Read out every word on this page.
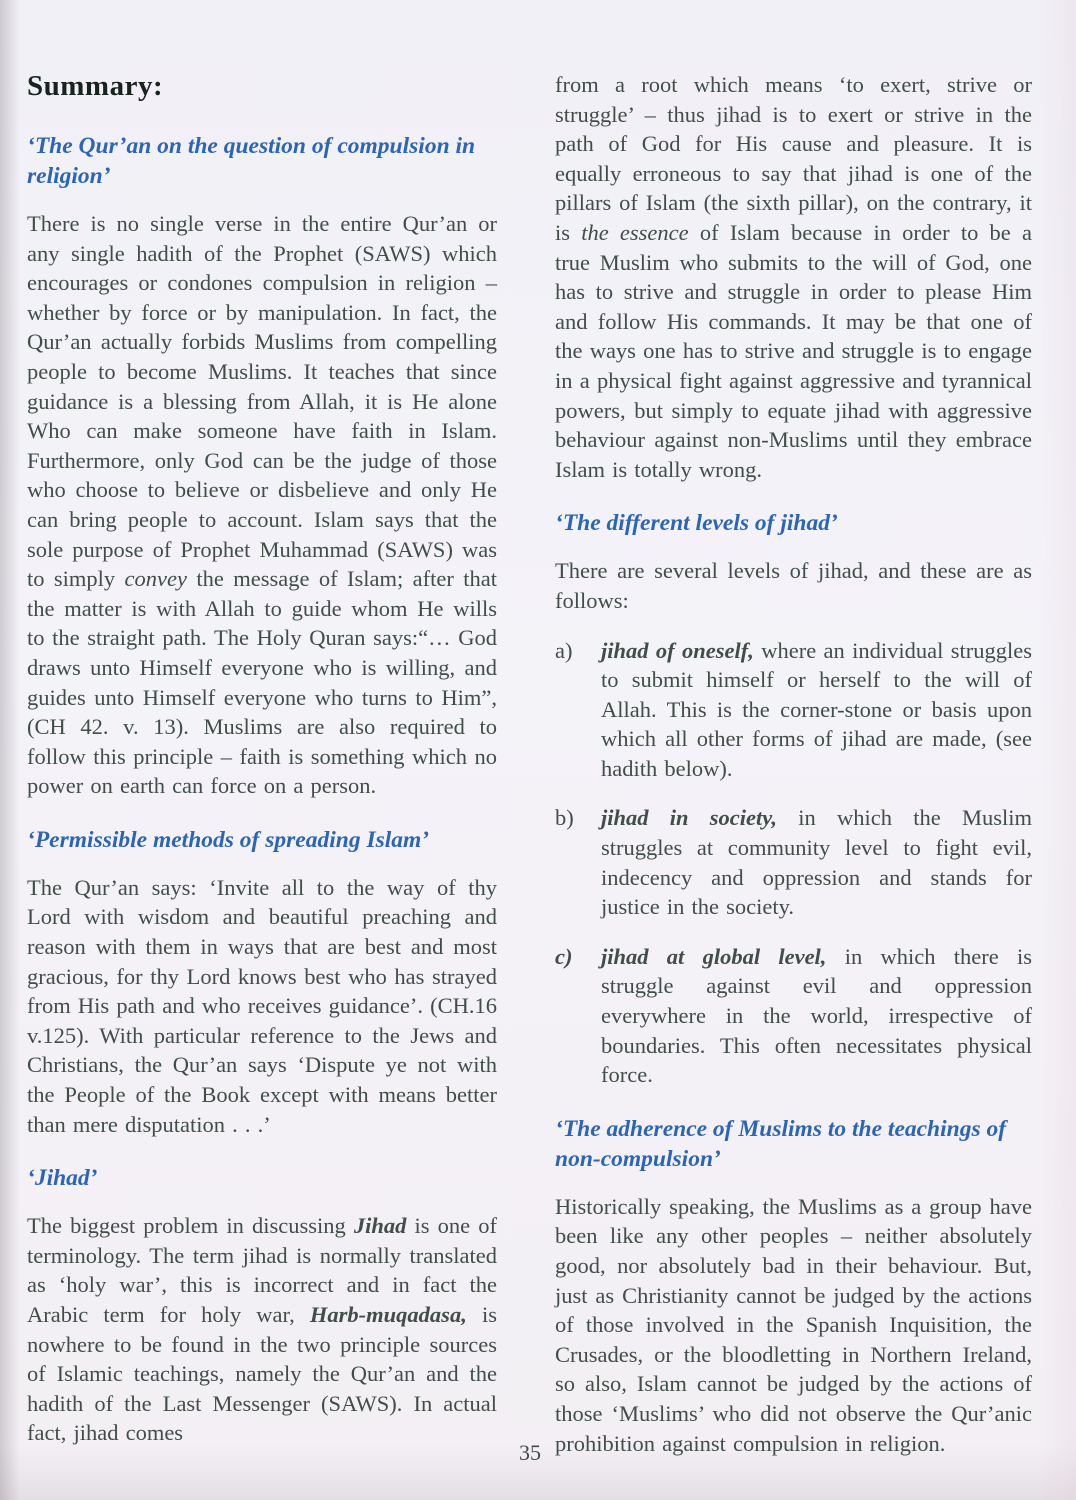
Summary:
‘The Qur’an on the question of compulsion in religion’

There is no single verse in the entire Qur’an or any single hadith of the Prophet (SAWS) which encourages or condones compulsion in religion – whether by force or by manipulation. In fact, the Qur’an actually forbids Muslims from compelling people to become Muslims. It teaches that since guidance is a blessing from Allah, it is He alone Who can make someone have faith in Islam. Furthermore, only God can be the judge of those who choose to believe or disbelieve and only He can bring people to account. Islam says that the sole purpose of Prophet Muhammad (SAWS) was to simply convey the message of Islam; after that the matter is with Allah to guide whom He wills to the straight path. The Holy Quran says:“… God draws unto Himself everyone who is willing, and guides unto Himself everyone who turns to Him”, (CH 42. v. 13). Muslims are also required to follow this principle – faith is something which no power on earth can force on a person.

‘Permissible methods of spreading Islam’

The Qur’an says: ‘Invite all to the way of thy Lord with wisdom and beautiful preaching and reason with them in ways that are best and most gracious, for thy Lord knows best who has strayed from His path and who receives guidance’. (CH.16 v.125). With particular reference to the Jews and Christians, the Qur’an says ‘Dispute ye not with the People of the Book except with means better than mere disputation . . .’

‘Jihad’

The biggest problem in discussing Jihad is one of terminology. The term jihad is normally translated as ‘holy war’, this is incorrect and in fact the Arabic term for holy war, Harb-muqadasa, is nowhere to be found in the two principle sources of Islamic teachings, namely the Qur’an and the hadith of the Last Messenger (SAWS). In actual fact, jihad comes

from a root which means ‘to exert, strive or struggle’ – thus jihad is to exert or strive in the path of God for His cause and pleasure. It is equally erroneous to say that jihad is one of the pillars of Islam (the sixth pillar), on the contrary, it is the essence of Islam because in order to be a true Muslim who submits to the will of God, one has to strive and struggle in order to please Him and follow His commands. It may be that one of the ways one has to strive and struggle is to engage in a physical fight against aggressive and tyrannical powers, but simply to equate jihad with aggressive behaviour against non-Muslims until they embrace Islam is totally wrong.

‘The different levels of jihad’

There are several levels of jihad, and these are as follows:

a)	jihad of oneself, where an individual struggles to submit himself or herself to the will of Allah. This is the corner-stone or basis upon which all other forms of jihad are made, (see hadith below).
b)	jihad in society, in which the Muslim struggles at community level to fight evil, indecency and oppression and stands for justice in the society.
c)	jihad at global level, in which there is struggle against evil and oppression everywhere in the world, irrespective of boundaries. This often necessitates physical force.
‘The adherence of Muslims to the teachings of non-compulsion’

Historically speaking, the Muslims as a group have been like any other peoples – neither absolutely good, nor absolutely bad in their behaviour. But, just as Christianity cannot be judged by the actions of those involved in the Spanish Inquisition, the Crusades, or the bloodletting in Northern Ireland, so also, Islam cannot be judged by the actions of those ‘Muslims’ who did not observe the Qur’anic prohibition against compulsion in religion.

35
